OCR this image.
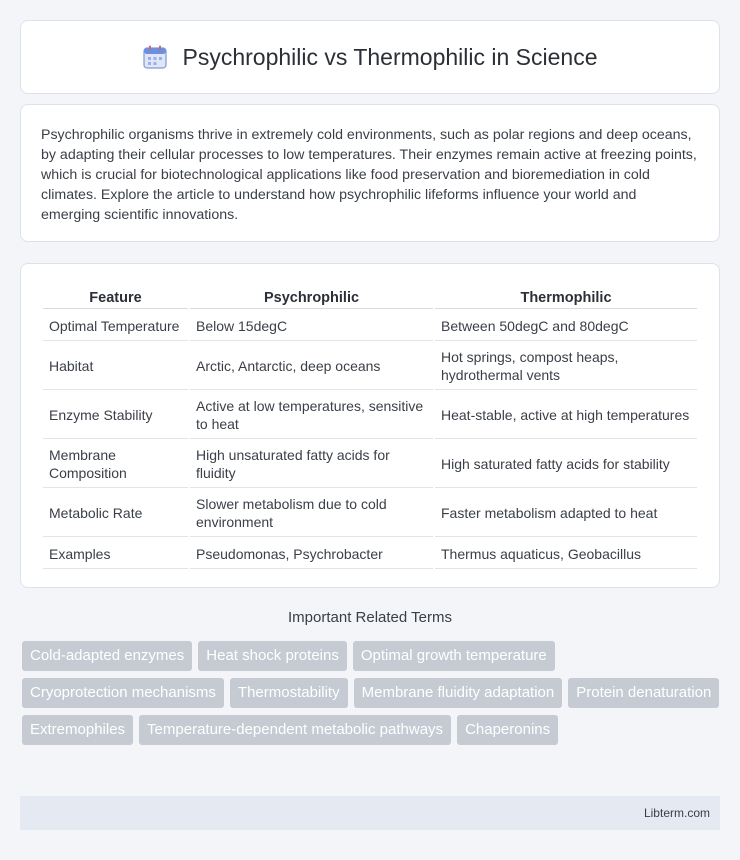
Psychrophilic vs Thermophilic in Science

Psychrophilic organisms thrive in extremely cold environments, such as polar regions and deep oceans, by adapting their cellular processes to low temperatures. Their enzymes remain active at freezing points, which is crucial for biotechnological applications like food preservation and bioremediation in cold climates. Explore the article to understand how psychrophilic lifeforms influence your world and emerging scientific innovations.

Feature	Psychrophilic	Thermophilic
Optimal Temperature	Below 15degC	Between 50degC and 80degC
Habitat	Arctic, Antarctic, deep oceans	Hot springs, compost heaps, hydrothermal vents
Enzyme Stability	Active at low temperatures, sensitive to heat	Heat-stable, active at high temperatures
Membrane Composition	High unsaturated fatty acids for fluidity	High saturated fatty acids for stability
Metabolic Rate	Slower metabolism due to cold environment	Faster metabolism adapted to heat
Examples	Pseudomonas, Psychrobacter	Thermus aquaticus, Geobacillus
Important Related Terms
Cold-adapted enzymes	Heat shock proteins	Optimal growth temperature
Cryoprotection mechanisms	Thermostability	Membrane fluidity adaptation	Protein denaturation
Extremophiles	Temperature-dependent metabolic pathways	Chaperonins
Libterm.com
